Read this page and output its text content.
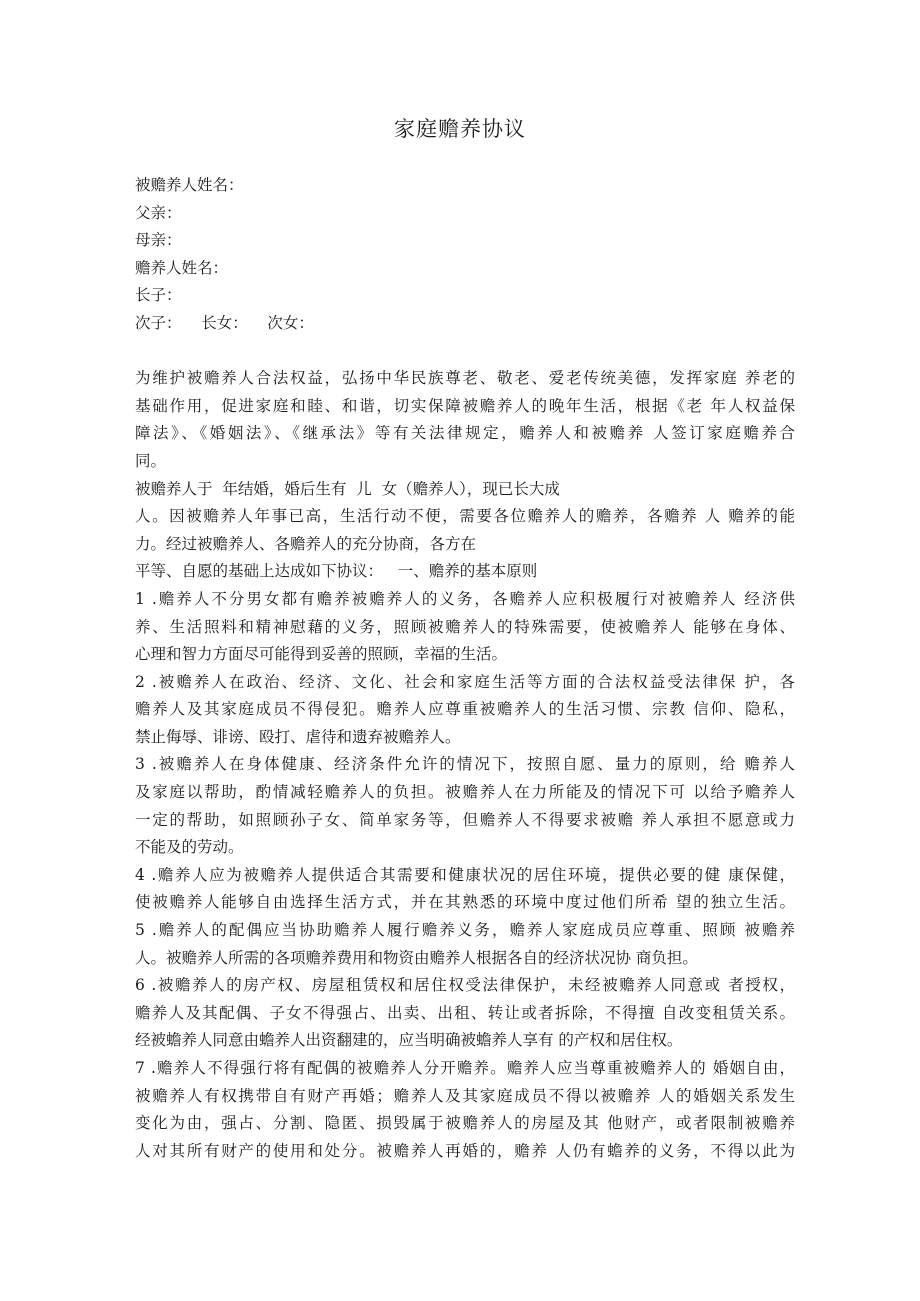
家庭赡养协议
被赡养人姓名：
父亲：
母亲：
赡养人姓名：
长子：
次子：    长女：    次女：
为维护被赡养人合法权益，弘扬中华民族尊老、敬老、爱老传统美德，发挥家庭 养老的
基础作用，促进家庭和睦、和谐，切实保障被赡养人的晚年生活，根据《老 年人权益保
障法》、《婚姻法》、《继承法》等有关法律规定，赡养人和被赡养 人签订家庭赡养合
同。
被赡养人于  年结婚，婚后生有  儿  女（赡养人），现已长大成
人。因被赡养人年事已高，生活行动不便，需要各位赡养人的赡养，各赡养 人 赡养的能
力。经过被赡养人、各赡养人的充分协商，各方在
平等、自愿的基础上达成如下协议：   一、赡养的基本原则
1 .赡养人不分男女都有赡养被赡养人的义务，各赡养人应积极履行对被赡养人 经济供
养、生活照料和精神慰藉的义务，照顾被赡养人的特殊需要，使被赡养人 能够在身体、
心理和智力方面尽可能得到妥善的照顾，幸福的生活。
2 .被赡养人在政治、经济、文化、社会和家庭生活等方面的合法权益受法律保 护，各
赡养人及其家庭成员不得侵犯。赡养人应尊重被赡养人的生活习惯、宗教 信仰、隐私，
禁止侮辱、诽谤、殴打、虐待和遗弃被赡养人。
3 .被赡养人在身体健康、经济条件允许的情况下，按照自愿、量力的原则，给 赡养人
及家庭以帮助，酌情减轻赡养人的负担。被赡养人在力所能及的情况下可 以给予赡养人
一定的帮助，如照顾孙子女、简单家务等，但赡养人不得要求被赡 养人承担不愿意或力
不能及的劳动。
4 .赡养人应为被赡养人提供适合其需要和健康状况的居住环境，提供必要的健 康保健，
使被赡养人能够自由选择生活方式，并在其熟悉的环境中度过他们所希 望的独立生活。
5 .赡养人的配偶应当协助赡养人履行赡养义务，赡养人家庭成员应尊重、照顾 被赡养
人。被赡养人所需的各项赡养费用和物资由赡养人根据各自的经济状况协 商负担。
6 .被赡养人的房产权、房屋租赁权和居住权受法律保护，未经被赡养人同意或 者授权，
赡养人及其配偶、子女不得强占、出卖、出租、转让或者拆除，不得擅 自改变租赁关系。
经被蟾养人同意由蟾养人出资翻建的，应当明确被蟾养人享有 的产权和居住权。
7 .赡养人不得强行将有配偶的被赡养人分开赡养。赡养人应当尊重被赡养人的 婚姻自由，
被赡养人有权携带自有财产再婚；赡养人及其家庭成员不得以被赡养 人的婚姻关系发生
变化为由，强占、分割、隐匿、损毁属于被赡养人的房屋及其 他财产，或者限制被赡养
人对其所有财产的使用和处分。被赡养人再婚的，赡养 人仍有蟾养的义务，不得以此为
